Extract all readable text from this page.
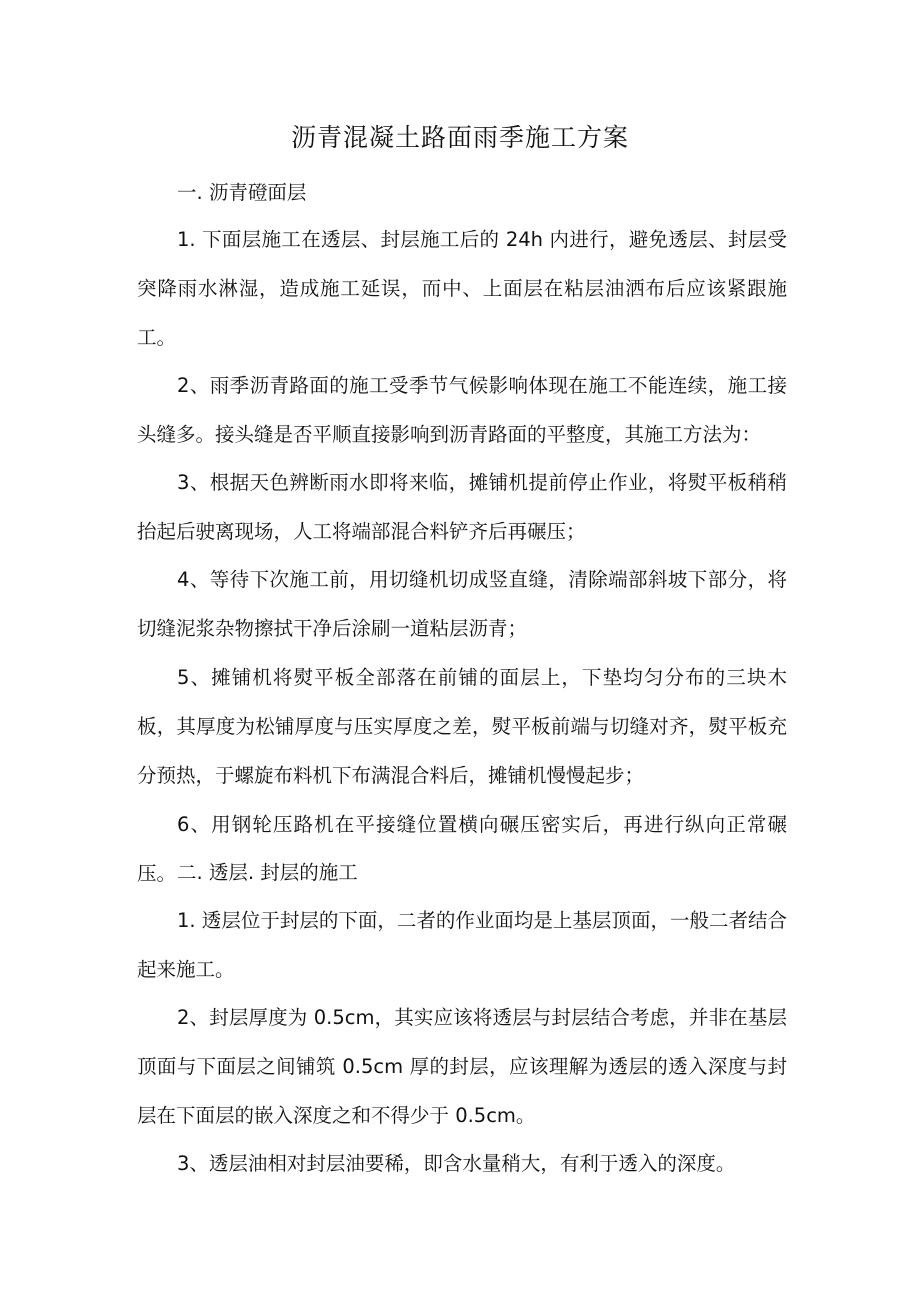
沥青混凝土路面雨季施工方案

一. 沥青磴面层

1. 下面层施工在透层、封层施工后的 24h 内进行，避免透层、封层受突降雨水淋湿，造成施工延误，而中、上面层在粘层油洒布后应该紧跟施工。

2、雨季沥青路面的施工受季节气候影响体现在施工不能连续，施工接头缝多。接头缝是否平顺直接影响到沥青路面的平整度，其施工方法为：

3、根据天色辨断雨水即将来临，摊铺机提前停止作业，将熨平板稍稍抬起后驶离现场，人工将端部混合料铲齐后再碾压；

4、等待下次施工前，用切缝机切成竖直缝，清除端部斜坡下部分，将切缝泥浆杂物擦拭干净后涂刷一道粘层沥青；

5、摊铺机将熨平板全部落在前铺的面层上，下垫均匀分布的三块木板，其厚度为松铺厚度与压实厚度之差，熨平板前端与切缝对齐，熨平板充分预热，于螺旋布料机下布满混合料后，摊铺机慢慢起步；

6、用钢轮压路机在平接缝位置横向碾压密实后，再进行纵向正常碾压。 二. 透层. 封层的施工

1. 透层位于封层的下面，二者的作业面均是上基层顶面，一般二者结合起来施工。

2、封层厚度为 0.5cm，其实应该将透层与封层结合考虑，并非在基层顶面与下面层之间铺筑 0.5cm 厚的封层，应该理解为透层的透入深度与封层在下面层的嵌入深度之和不得少于 0.5cm。

3、透层油相对封层油要稀，即含水量稍大，有利于透入的深度。
